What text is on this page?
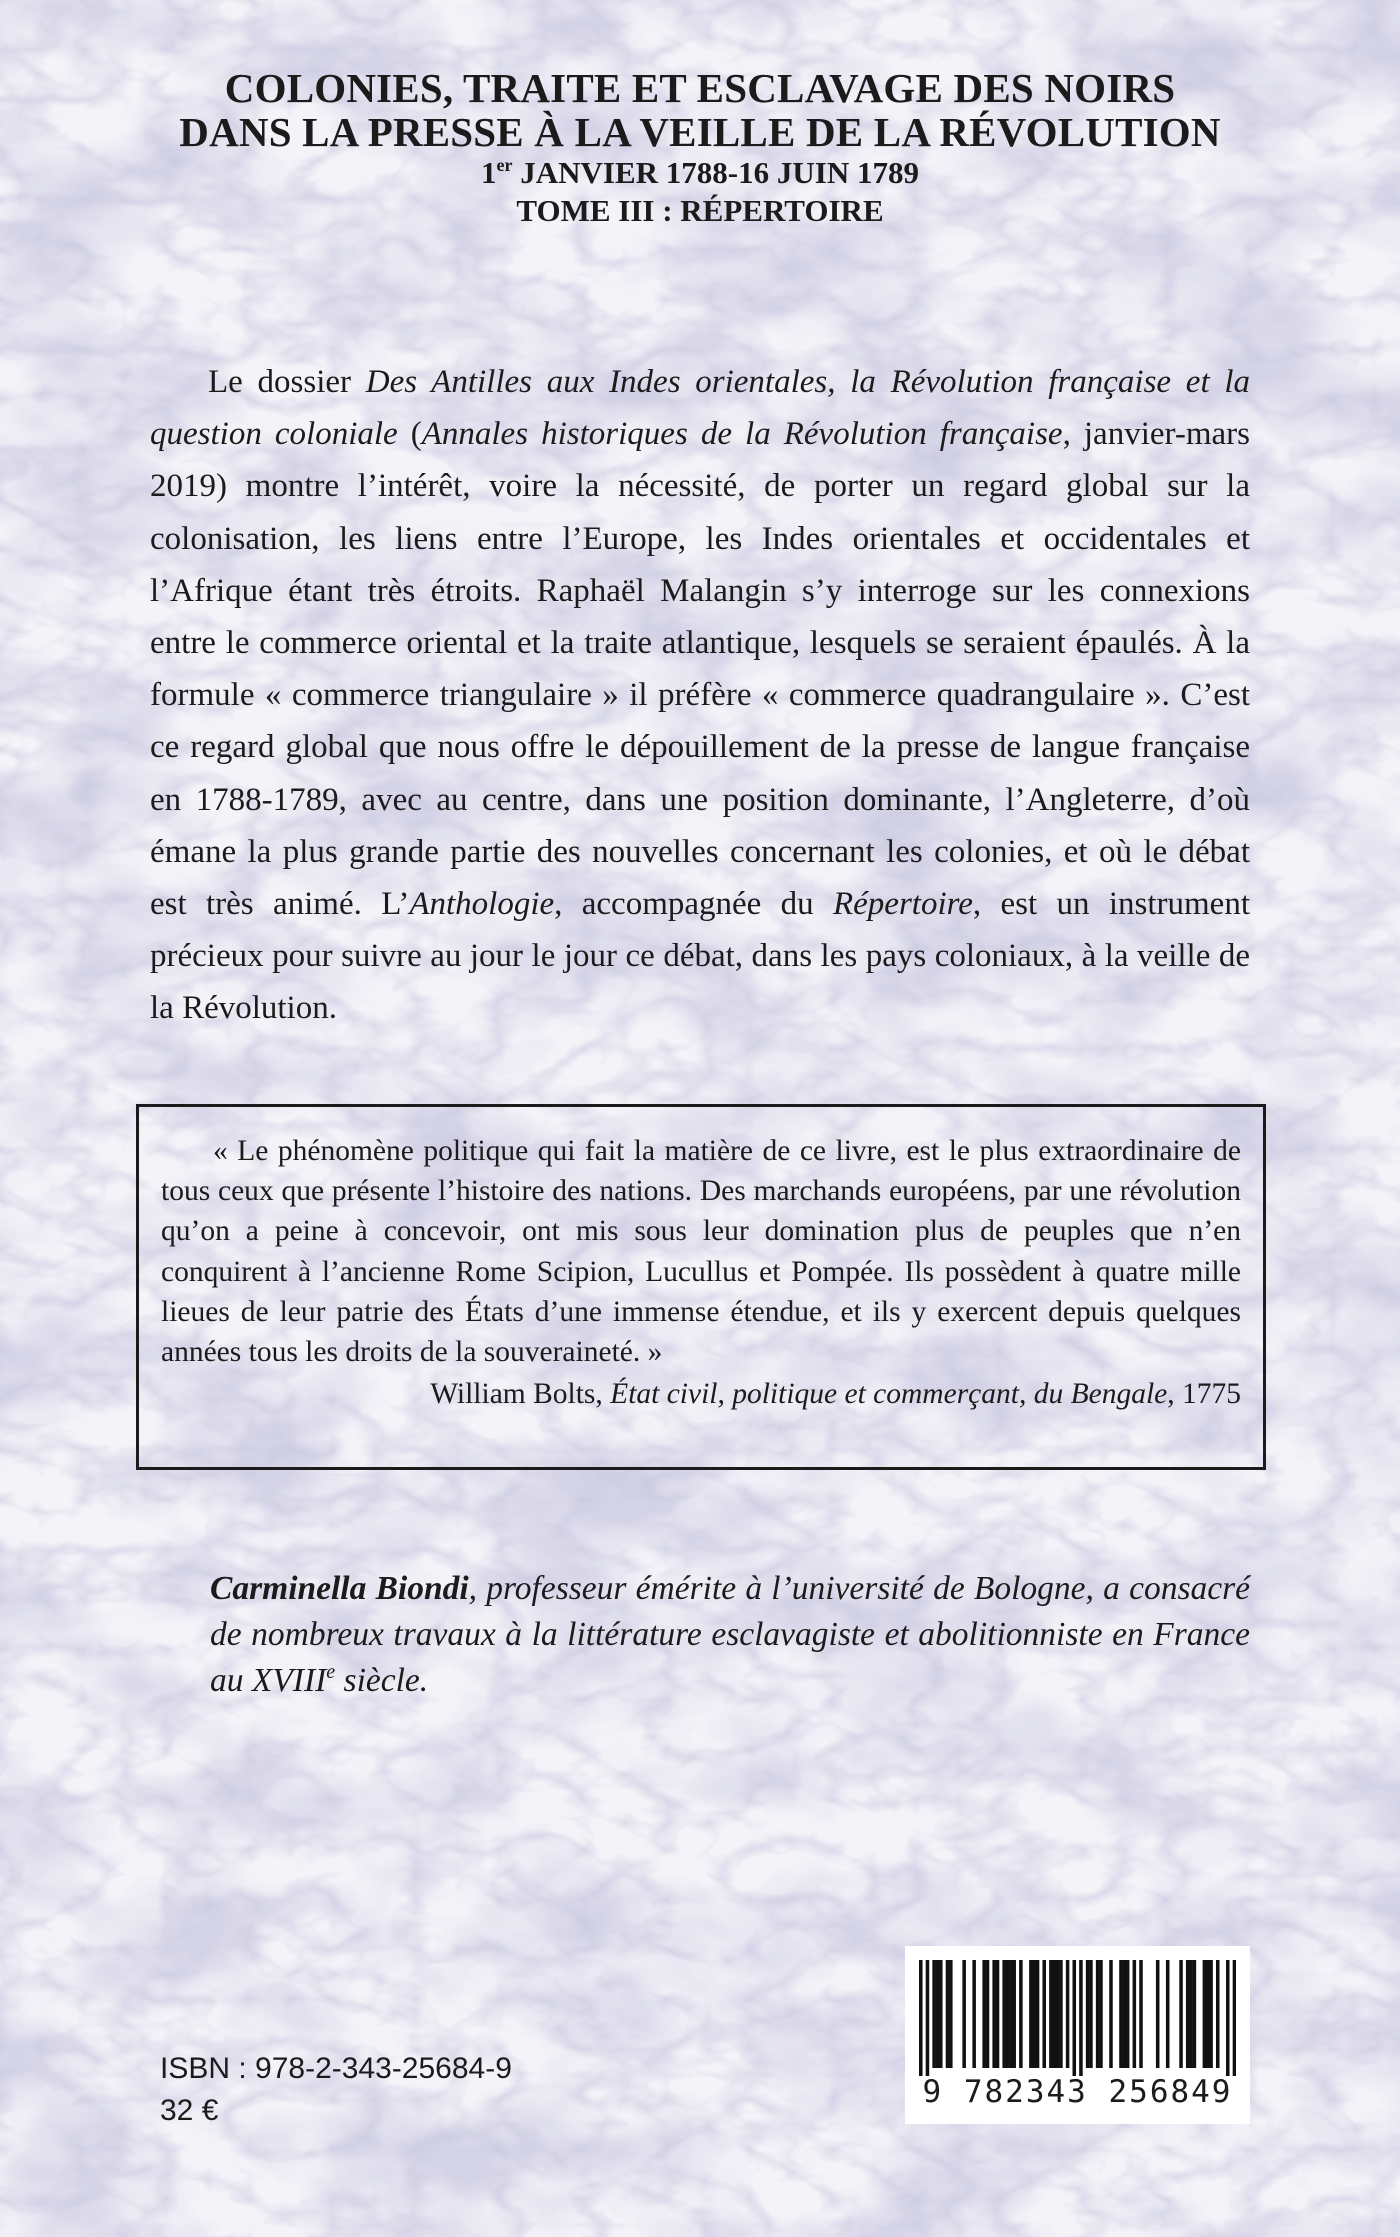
COLONIES, TRAITE ET ESCLAVAGE DES NOIRS
DANS LA PRESSE À LA VEILLE DE LA RÉVOLUTION
1er JANVIER 1788-16 JUIN 1789
TOME III : RÉPERTOIRE

Le dossier Des Antilles aux Indes orientales, la Révolution française et la question coloniale (Annales historiques de la Révolution française, janvier-mars 2019) montre l’intérêt, voire la nécessité, de porter un regard global sur la colonisation, les liens entre l’Europe, les Indes orientales et occidentales et l’Afrique étant très étroits. Raphaël Malangin s’y interroge sur les connexions entre le commerce oriental et la traite atlantique, lesquels se seraient épaulés. À la formule « commerce triangulaire » il préfère « commerce quadrangulaire ». C’est ce regard global que nous offre le dépouillement de la presse de langue française en 1788-1789, avec au centre, dans une position dominante, l’Angleterre, d’où émane la plus grande partie des nouvelles concernant les colonies, et où le débat est très animé. L’Anthologie, accompagnée du Répertoire, est un instrument précieux pour suivre au jour le jour ce débat, dans les pays coloniaux, à la veille de la Révolution.

« Le phénomène politique qui fait la matière de ce livre, est le plus extraordinaire de tous ceux que présente l’histoire des nations. Des marchands européens, par une révolution qu’on a peine à concevoir, ont mis sous leur domination plus de peuples que n’en conquirent à l’ancienne Rome Scipion, Lucullus et Pompée. Ils possèdent à quatre mille lieues de leur patrie des États d’une immense étendue, et ils y exercent depuis quelques années tous les droits de la souveraineté. »

William Bolts, État civil, politique et commerçant, du Bengale, 1775

Carminella Biondi, professeur émérite à l’université de Bologne, a consacré de nombreux travaux à la littérature esclavagiste et abolitionniste en France au XVIIIe siècle.

ISBN : 978-2-343-25684-9
32 €
9 782343 256849
